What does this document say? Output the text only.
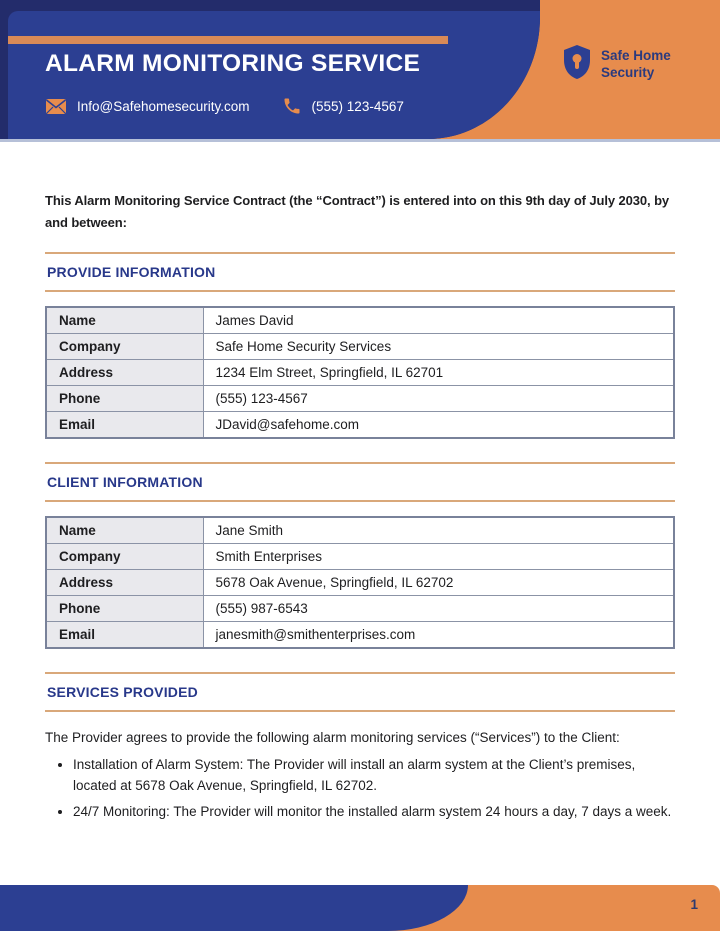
ALARM MONITORING SERVICE
Info@Safehomesecurity.com	(555) 123-4567
Safe Home
Security

This Alarm Monitoring Service Contract (the “Contract”) is entered into on this 9th day of July 2030, by and between:

PROVIDE INFORMATION
Name	James David
Company	Safe Home Security Services
Address	1234 Elm Street, Springfield, IL 62701
Phone	(555) 123-4567
Email	JDavid@safehome.com
CLIENT INFORMATION
Name	Jane Smith
Company	Smith Enterprises
Address	5678 Oak Avenue, Springfield, IL 62702
Phone	(555) 987-6543
Email	janesmith@smithenterprises.com
SERVICES PROVIDED

The Provider agrees to provide the following alarm monitoring services (“Services”) to the Client:

• Installation of Alarm System: The Provider will install an alarm system at the Client’s premises, located at 5678 Oak Avenue, Springfield, IL 62702.
• 24/7 Monitoring: The Provider will monitor the installed alarm system 24 hours a day, 7 days a week.
1
